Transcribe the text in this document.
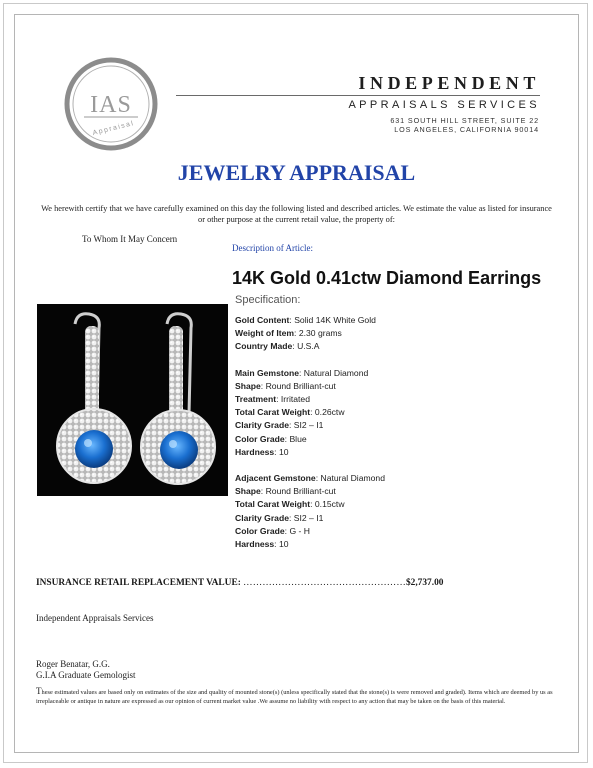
IAS
Appraisal
INDEPENDENT
APPRAISALS SERVICES
631 SOUTH HILL STREET, SUITE 22
LOS ANGELES, CALIFORNIA 90014
JEWELRY APPRAISAL
We herewith certify that we have carefully examined on this day the following listed and described articles. We estimate the value as listed for insurance or other purpose at the current retail value, the property of:
To Whom It May Concern
Description of Article:
14K Gold 0.41ctw Diamond Earrings
Specification:
Gold Content: Solid 14K White Gold
Weight of Item: 2.30 grams
Country Made: U.S.A
Main Gemstone: Natural Diamond
Shape: Round Brilliant-cut
Treatment: Irritated
Total Carat Weight: 0.26ctw
Clarity Grade: SI2 – I1
Color Grade: Blue
Hardness: 10
Adjacent Gemstone: Natural Diamond
Shape: Round Brilliant-cut
Total Carat Weight: 0.15ctw
Clarity Grade: SI2 – I1
Color Grade: G - H
Hardness: 10
INSURANCE RETAIL REPLACEMENT VALUE: ……………………………………………$2,737.00
Independent Appraisals Services
Roger Benatar, G.G.
G.I.A Graduate Gemologist
These estimated values are based only on estimates of the size and quality of mounted stone(s) (unless specifically stated that the stone(s) is were removed and graded). Items which are deemed by us as irreplaceable or antique in nature are expressed as our opinion of current market value .We assume no liability with respect to any action that may be taken on the basis of this material.
